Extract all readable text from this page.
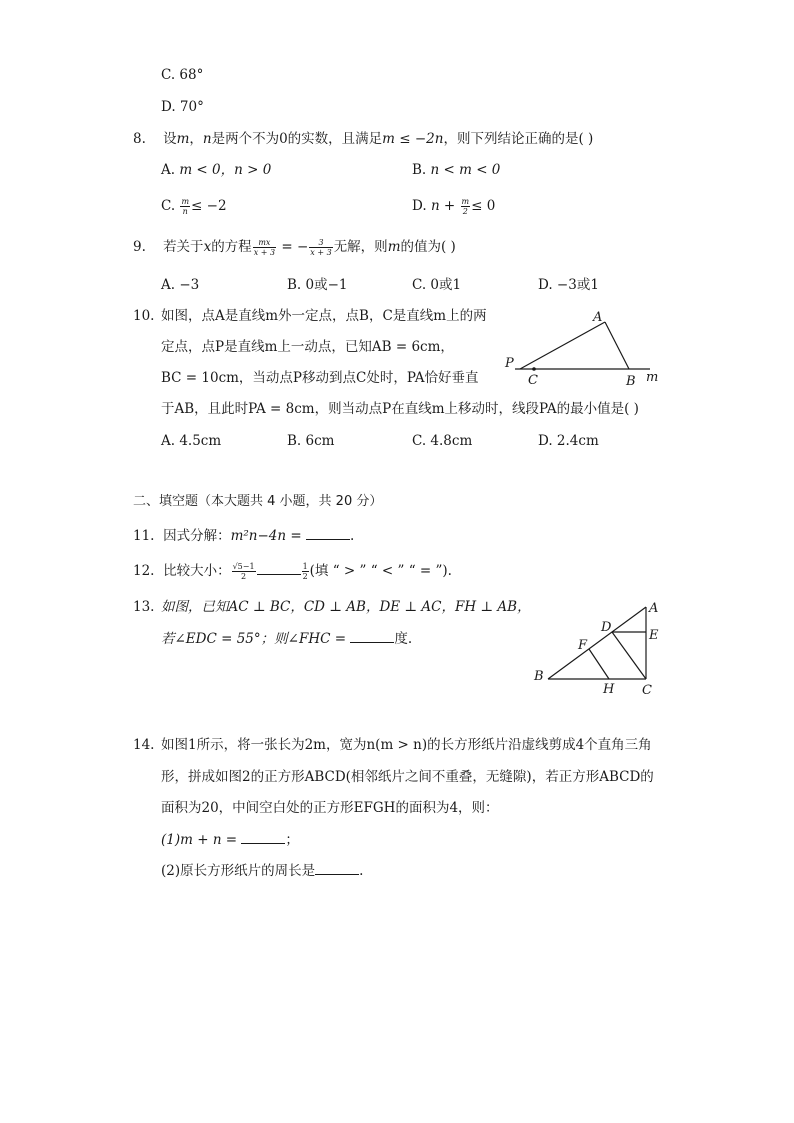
C. 68°
D. 70°
8. 设m，n是两个不为0的实数，且满足m ≤ −2n，则下列结论正确的是( )
A. m < 0，n > 0	B. n < m < 0
C. $\frac{m}{n} \le -2$	D. $n + \frac{m}{2} \le 0$
9. 若关于x的方程 $\frac{mx}{x + 3}$ = − $\frac{3}{x + 3}$ 无解，则m的值为( )
A. −3	B. 0或−1	C. 0或1	D. −3或1
10. 如图，点A是直线m外一定点，点B，C是直线m上的两
定点，点P是直线m上一动点，已知AB = 6cm，
BC = 10cm，当动点P移动到点C处时，PA恰好垂直
于AB，且此时PA = 8cm，则当动点P在直线m上移动时，线段PA的最小值是( )
A. 4.5cm	B. 6cm	C. 4.8cm	D. 2.4cm
A
P
C	B m
二、填空题（本大题共 4 小题，共 20 分）
11. 因式分解：m²n−4n =	.
12. 比较大小： $\frac{√5-1}{2}$	$\frac{1}{2}$ (填 “ > ” “ < ” “ = ”).
13. 如图，已知AC ⊥ BC，CD ⊥ AB，DE ⊥ AC，FH ⊥ AB，
若∠EDC = 55°；则∠FHC =	度.
A
D
E
F
B
H C
14. 如图1所示，将一张长为2m，宽为n(m > n)的长方形纸片沿虚线剪成4个直角三角
形，拼成如图2的正方形ABCD(相邻纸片之间不重叠，无缝隙)，若正方形ABCD的
面积为20，中间空白处的正方形EFGH的面积为4，则：
(1)m + n =	；
(2)原长方形纸片的周长是	.
